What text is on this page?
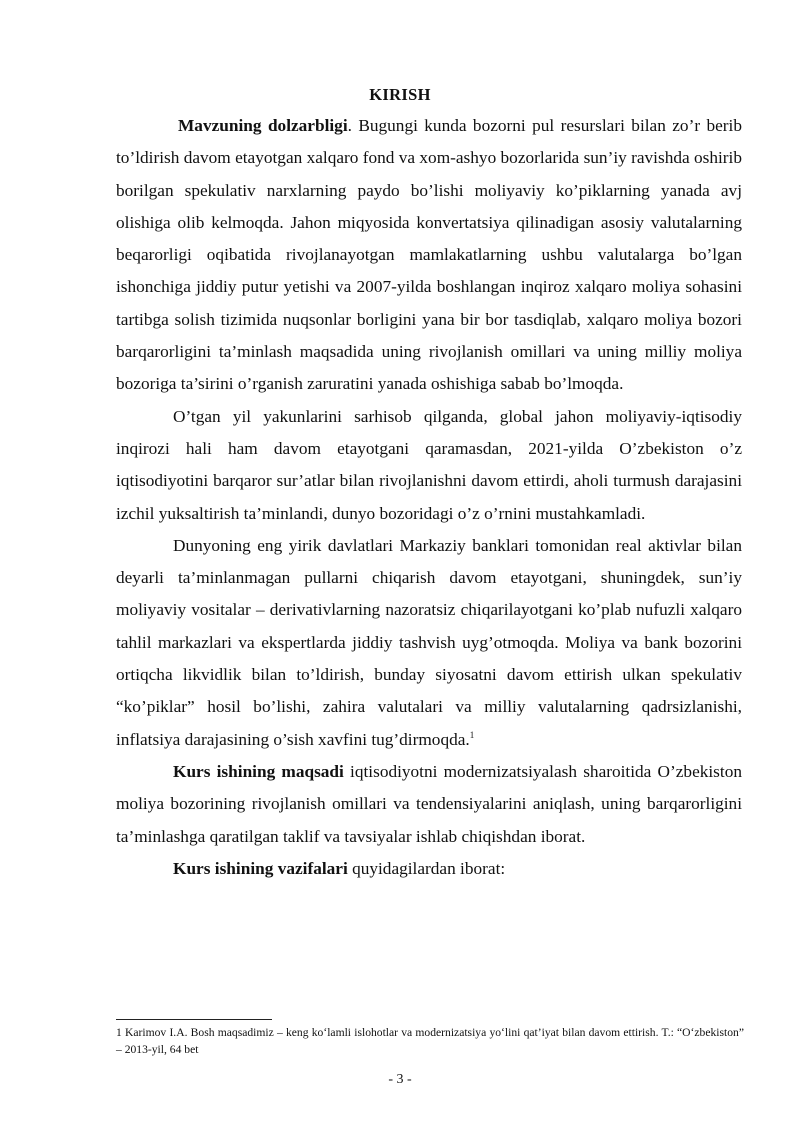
KIRISH

Mavzuning dolzarbligi. Bugungi kunda bozorni pul resurslari bilan zo’r berib to’ldirish davom etayotgan xalqaro fond va xom-ashyo bozorlarida sun’iy ravishda oshirib borilgan spekulativ narxlarning paydo bo’lishi moliyaviy ko’piklarning yanada avj olishiga olib kelmoqda. Jahon miqyosida konvertatsiya qilinadigan asosiy valutalarning beqarorligi oqibatida rivojlanayotgan mamlakatlarning ushbu valutalarga bo’lgan ishonchiga jiddiy putur yetishi va 2007-yilda boshlangan inqiroz xalqaro moliya sohasini tartibga solish tizimida nuqsonlar borligini yana bir bor tasdiqlab, xalqaro moliya bozori barqarorligini ta’minlash maqsadida uning rivojlanish omillari va uning milliy moliya bozoriga ta’sirini o’rganish zaruratini yanada oshishiga sabab bo’lmoqda.

O’tgan yil yakunlarini sarhisob qilganda, global jahon moliyaviy-iqtisodiy inqirozi hali ham davom etayotgani qaramasdan, 2021-yilda O’zbekiston o’z iqtisodiyotini barqaror sur’atlar bilan rivojlanishni davom ettirdi, aholi turmush darajasini izchil yuksaltirish ta’minlandi, dunyo bozoridagi o’z o’rnini mustahkamladi.

Dunyoning eng yirik davlatlari Markaziy banklari tomonidan real aktivlar bilan deyarli ta’minlanmagan pullarni chiqarish davom etayotgani, shuningdek, sun’iy moliyaviy vositalar – derivativlarning nazoratsiz chiqarilayotgani ko’plab nufuzli xalqaro tahlil markazlari va ekspertlarda jiddiy tashvish uyg’otmoqda. Moliya va bank bozorini ortiqcha likvidlik bilan to’ldirish, bunday siyosatni davom ettirish ulkan spekulativ “ko’piklar” hosil bo’lishi, zahira valutalari va milliy valutalarning qadrsizlanishi, inflatsiya darajasining o’sish xavfini tug’dirmoqda.$^1$

Kurs ishining maqsadi iqtisodiyotni modernizatsiyalash sharoitida O’zbekiston moliya bozorining rivojlanish omillari va tendensiyalarini aniqlash, uning barqarorligini ta’minlashga qaratilgan taklif va tavsiyalar ishlab chiqishdan iborat.

Kurs ishining vazifalari quyidagilardan iborat:

1 Karimov I.A. Bosh maqsadimiz – keng ko‘lamli islohotlar va modernizatsiya yo‘lini qat’iyat bilan davom ettirish. T.: “O‘zbekiston” – 2013-yil, 64 bet
- 3 -
